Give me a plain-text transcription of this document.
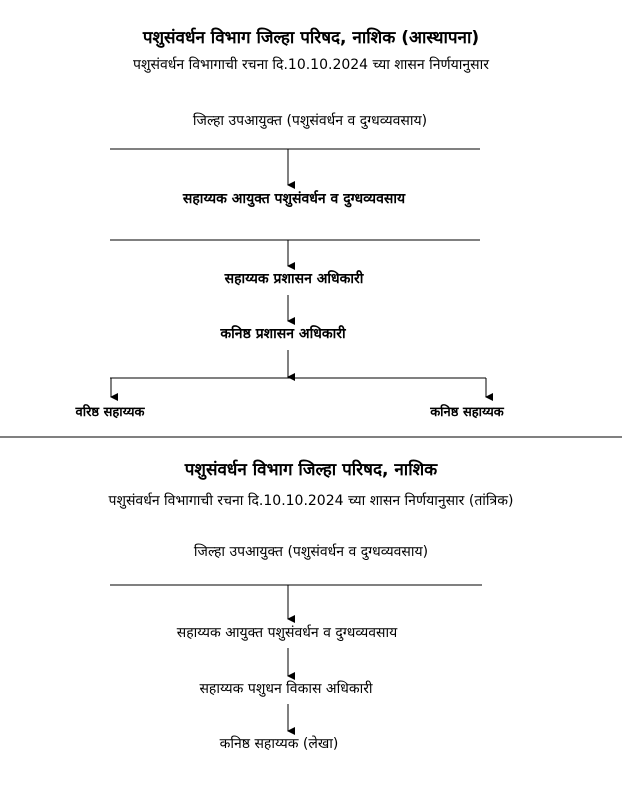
पशुसंवर्धन विभाग जिल्हा परिषद, नाशिक (आस्थापना)
पशुसंवर्धन विभागाची रचना दि.10.10.2024 च्या शासन निर्णयानुसार
जिल्हा उपआयुक्त (पशुसंवर्धन व दुग्धव्यवसाय)
सहाय्यक आयुक्त पशुसंवर्धन व दुग्धव्यवसाय
सहाय्यक प्रशासन अधिकारी
कनिष्ठ प्रशासन अधिकारी
वरिष्ठ सहाय्यक	कनिष्ठ सहाय्यक
पशुसंवर्धन विभाग जिल्हा परिषद, नाशिक
पशुसंवर्धन विभागाची रचना दि.10.10.2024 च्या शासन निर्णयानुसार (तांत्रिक)
जिल्हा उपआयुक्त (पशुसंवर्धन व दुग्धव्यवसाय)
सहाय्यक आयुक्त पशुसंवर्धन व दुग्धव्यवसाय
सहाय्यक पशुधन विकास अधिकारी
कनिष्ठ सहाय्यक (लेखा)
